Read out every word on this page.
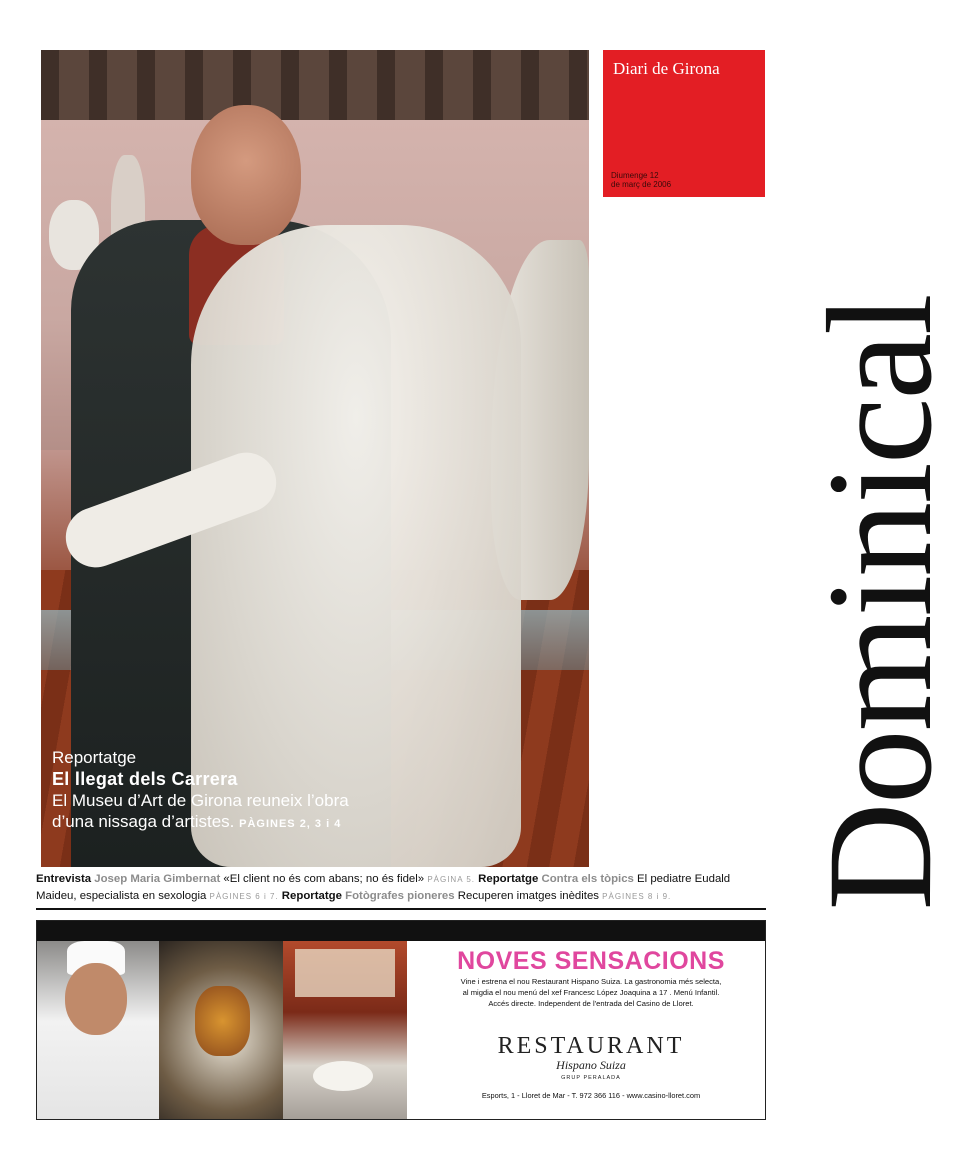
Reportatge
El llegat dels Carrera
El Museu d’Art de Girona reuneix l’obra d’una nissaga d’artistes. PÀGINES 2, 3 i 4
Diari de Girona
Diumenge 12
de març de 2006
Dominical
Entrevista Josep Maria Gimbernat «El client no és com abans; no és fidel» PÀGINA 5. Reportatge Contra els tòpics El pediatre Eudald Maideu, especialista en sexologia PÀGINES 6 i 7. Reportatge Fotògrafes pioneres Recuperen imatges inèdites PÀGINES 8 i 9.
NOVES SENSACIONS
Vine i estrena el nou Restaurant Hispano Suiza. La gastronomia més selecta,
al migdia el nou menú del xef Francesc López Joaquina a 17 . Menú Infantil.
Accés directe. Independent de l'entrada del Casino de Lloret.
RESTAURANT
Hispano Suiza
GRUP PERALADA
Esports, 1 - Lloret de Mar - T. 972 366 116 - www.casino-lloret.com
